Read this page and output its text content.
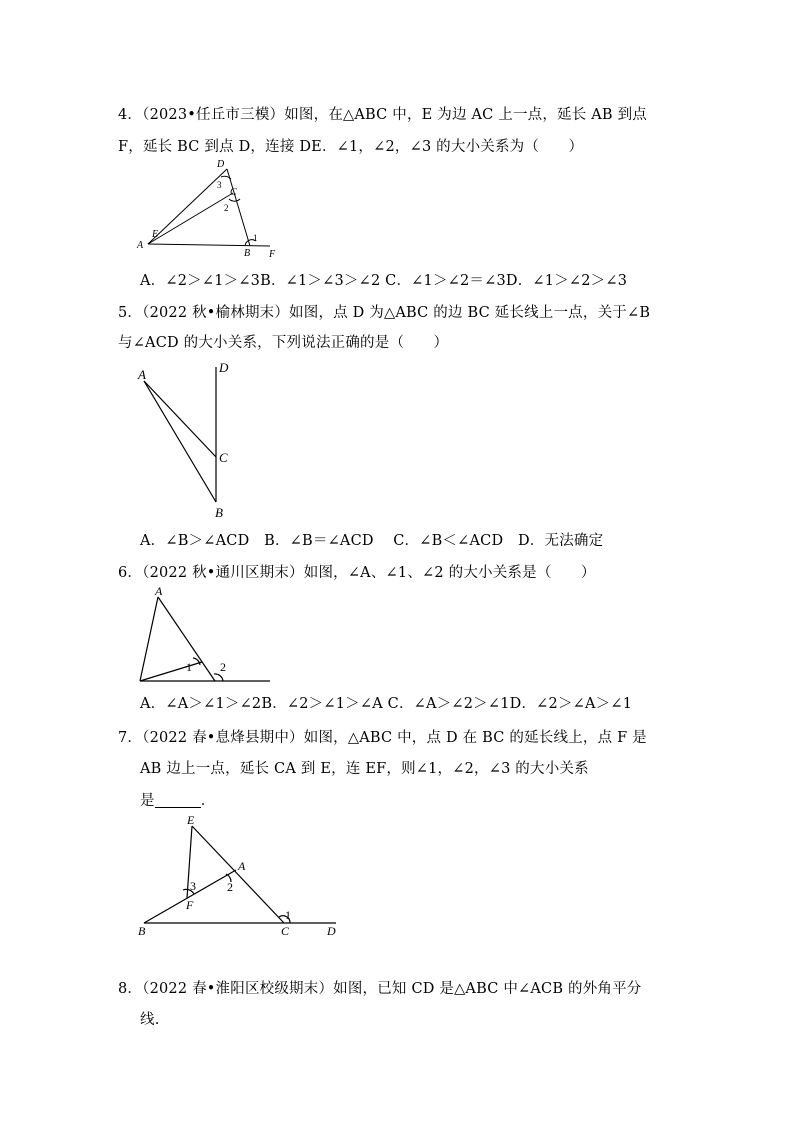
4．（2023•任丘市三模）如图，在△ABC 中，E 为边 AC 上一点，延长 AB 到点
F，延长 BC 到点 D，连接 DE．∠1，∠2，∠3 的大小关系为（　　）
D
C
E
A
B F
1
2
3
A．∠2＞∠1＞∠3B．∠1＞∠3＞∠2 C．∠1＞∠2＝∠3D．∠1＞∠2＞∠3
5．（2022 秋•榆林期末）如图，点 D 为△ABC 的边 BC 延长线上一点，关于∠B
与∠ACD 的大小关系，下列说法正确的是（　　）
A	D
C
B
A．∠B＞∠ACD　B．∠B＝∠ACD　 C．∠B＜∠ACD　D．无法确定
6．（2022 秋•通川区期末）如图，∠A、∠1、∠2 的大小关系是（　　）
A
1 2
A．∠A＞∠1＞∠2B．∠2＞∠1＞∠A C．∠A＞∠2＞∠1D．∠2＞∠A＞∠1
7．（2022 春•息烽县期中）如图，△ABC 中，点 D 在 BC 的延长线上，点 F 是
AB 边上一点，延长 CA 到 E，连 EF，则∠1，∠2，∠3 的大小关系
是	．
E
A
F
B	C	D
1
2
3
8．（2022 春•淮阳区校级期末）如图，已知 CD 是△ABC 中∠ACB 的外角平分
线.
